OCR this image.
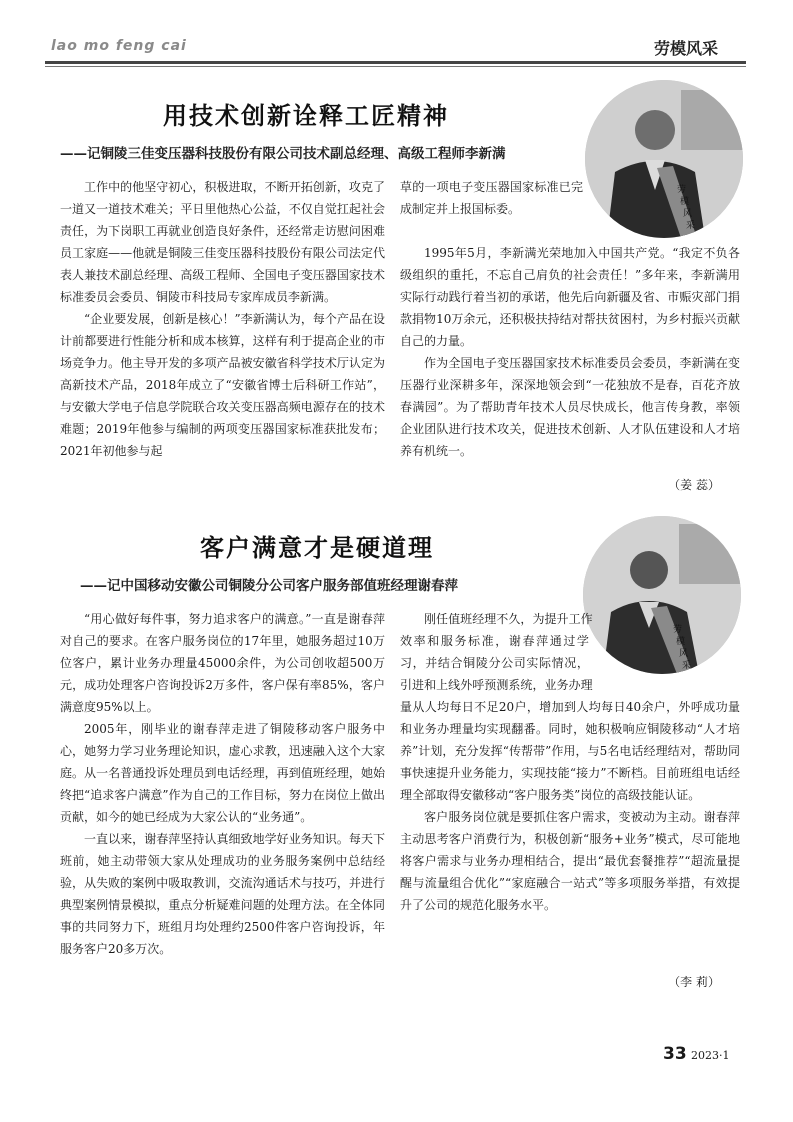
lao mo feng cai	劳模风采
用技术创新诠释工匠精神
——记铜陵三佳变压器科技股份有限公司技术副总经理、高级工程师李新满
劳
模
风
采

工作中的他坚守初心，积极进取，不断开拓创新，攻克了一道又一道技术难关；平日里他热心公益，不仅自觉扛起社会责任，为下岗职工再就业创造良好条件，还经常走访慰问困难员工家庭——他就是铜陵三佳变压器科技股份有限公司法定代表人兼技术副总经理、高级工程师、全国电子变压器国家技术标准委员会委员、铜陵市科技局专家库成员李新满。

“企业要发展，创新是核心！”李新满认为，每个产品在设计前都要进行性能分析和成本核算，这样有利于提高企业的市场竞争力。他主导开发的多项产品被安徽省科学技术厅认定为高新技术产品，2018年成立了“安徽省博士后科研工作站”，与安徽大学电子信息学院联合攻关变压器高频电源存在的技术难题；2019年他参与编制的两项变压器国家标准获批发布；2021年初他参与起

草的一项电子变压器国家标准已完成制定并上报国标委。

1995年5月，李新满光荣地加入中国共产党。“我定不负各级组织的重托，不忘自己肩负的社会责任！”多年来，李新满用实际行动践行着当初的承诺，他先后向新疆及省、市赈灾部门捐款捐物10万余元，还积极扶持结对帮扶贫困村，为乡村振兴贡献自己的力量。

作为全国电子变压器国家技术标准委员会委员，李新满在变压器行业深耕多年，深深地领会到“一花独放不是春，百花齐放春满园”。为了帮助青年技术人员尽快成长，他言传身教，率领企业团队进行技术攻关，促进技术创新、人才队伍建设和人才培养有机统一。

（姜 蕊）
客户满意才是硬道理
——记中国移动安徽公司铜陵分公司客户服务部值班经理谢春萍
劳
模
风
采

“用心做好每件事，努力追求客户的满意。”一直是谢春萍对自己的要求。在客户服务岗位的17年里，她服务超过10万位客户，累计业务办理量45000余件，为公司创收超500万元，成功处理客户咨询投诉2万多件，客户保有率85%，客户满意度95%以上。

2005年，刚毕业的谢春萍走进了铜陵移动客户服务中心，她努力学习业务理论知识，虚心求教，迅速融入这个大家庭。从一名普通投诉处理员到电话经理，再到值班经理，她始终把“追求客户满意”作为自己的工作目标，努力在岗位上做出贡献，如今的她已经成为大家公认的“业务通”。

一直以来，谢春萍坚持认真细致地学好业务知识。每天下班前，她主动带领大家从处理成功的业务服务案例中总结经验，从失败的案例中吸取教训，交流沟通话术与技巧，并进行典型案例情景模拟，重点分析疑难问题的处理方法。在全体同事的共同努力下，班组月均处理约2500件客户咨询投诉，年服务客户20多万次。

刚任值班经理不久，为提升工作效率和服务标准，谢春萍通过学习，并结合铜陵分公司实际情况，引进和上线外呼预测系统，业务办理量从人均每日不足20户，增加到人均每日40余户，外呼成功量和业务办理量均实现翻番。同时，她积极响应铜陵移动“人才培养”计划，充分发挥“传帮带”作用，与5名电话经理结对，帮助同事快速提升业务能力，实现技能“接力”不断档。目前班组电话经理全部取得安徽移动“客户服务类”岗位的高级技能认证。

客户服务岗位就是要抓住客户需求，变被动为主动。谢春萍主动思考客户消费行为，积极创新“服务+业务”模式，尽可能地将客户需求与业务办理相结合，提出“最优套餐推荐”“超流量提醒与流量组合优化”“家庭融合一站式”等多项服务举措，有效提升了公司的规范化服务水平。

（李 莉）
33 2023·1
